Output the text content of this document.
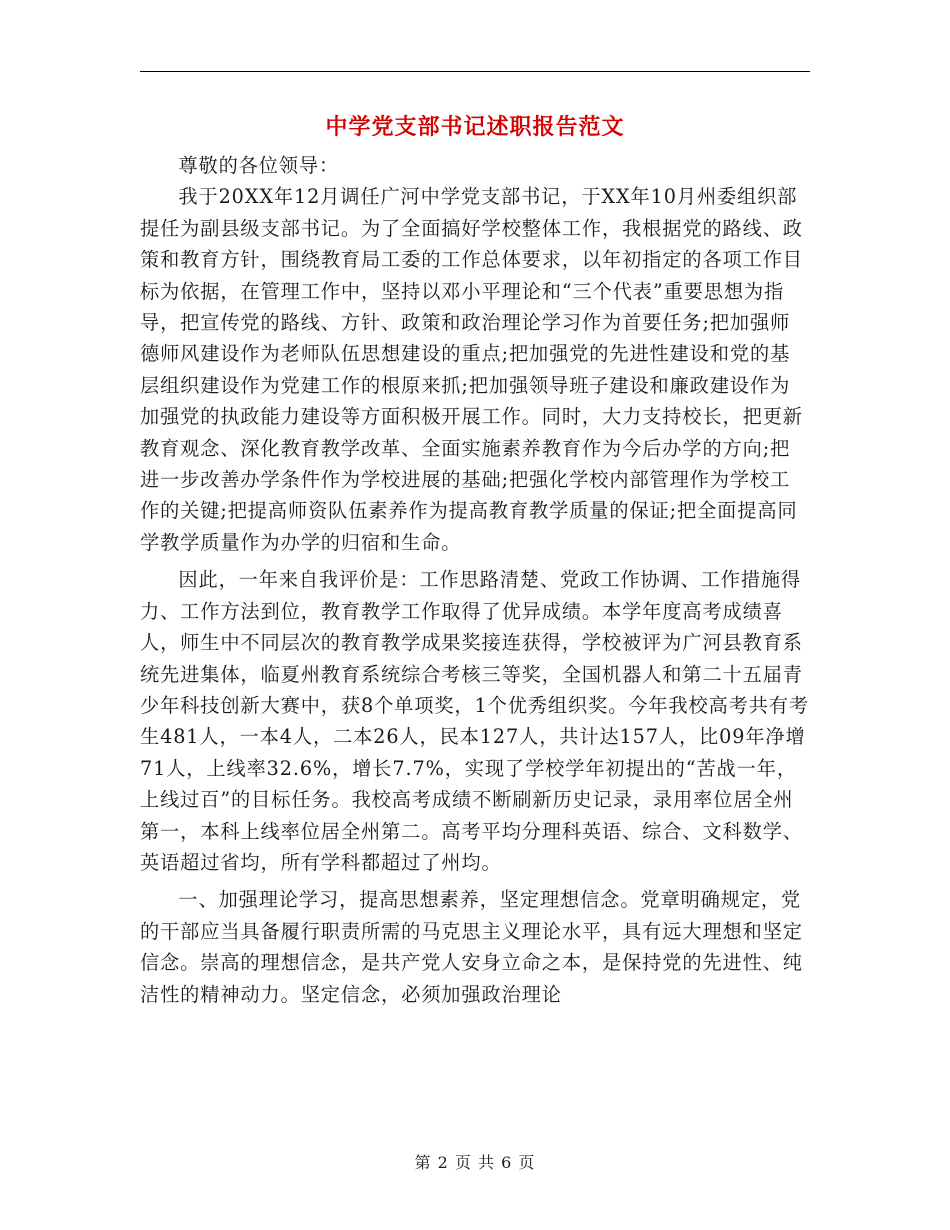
中学党支部书记述职报告范文

尊敬的各位领导：

我于20XX年12月调任广河中学党支部书记，于XX年10月州委组织部提任为副县级支部书记。为了全面搞好学校整体工作，我根据党的路线、政策和教育方针，围绕教育局工委的工作总体要求，以年初指定的各项工作目标为依据，在管理工作中，坚持以邓小平理论和“三个代表”重要思想为指导，把宣传党的路线、方针、政策和政治理论学习作为首要任务;把加强师德师风建设作为老师队伍思想建设的重点;把加强党的先进性建设和党的基层组织建设作为党建工作的根原来抓;把加强领导班子建设和廉政建设作为加强党的执政能力建设等方面积极开展工作。同时，大力支持校长，把更新教育观念、深化教育教学改革、全面实施素养教育作为今后办学的方向;把进一步改善办学条件作为学校进展的基础;把强化学校内部管理作为学校工作的关键;把提高师资队伍素养作为提高教育教学质量的保证;把全面提高同学教学质量作为办学的归宿和生命。

因此，一年来自我评价是：工作思路清楚、党政工作协调、工作措施得力、工作方法到位，教育教学工作取得了优异成绩。本学年度高考成绩喜人，师生中不同层次的教育教学成果奖接连获得，学校被评为广河县教育系统先进集体，临夏州教育系统综合考核三等奖，全国机器人和第二十五届青少年科技创新大赛中，获8个单项奖，1个优秀组织奖。今年我校高考共有考生481人，一本4人，二本26人，民本127人，共计达157人，比09年净增71人，上线率32.6%，增长7.7%，实现了学校学年初提出的“苦战一年，上线过百”的目标任务。我校高考成绩不断刷新历史记录，录用率位居全州第一，本科上线率位居全州第二。高考平均分理科英语、综合、文科数学、英语超过省均，所有学科都超过了州均。

一、加强理论学习，提高思想素养，坚定理想信念。党章明确规定，党的干部应当具备履行职责所需的马克思主义理论水平，具有远大理想和坚定信念。崇高的理想信念，是共产党人安身立命之本，是保持党的先进性、纯洁性的精神动力。坚定信念，必须加强政治理论

第 2 页 共 6 页
